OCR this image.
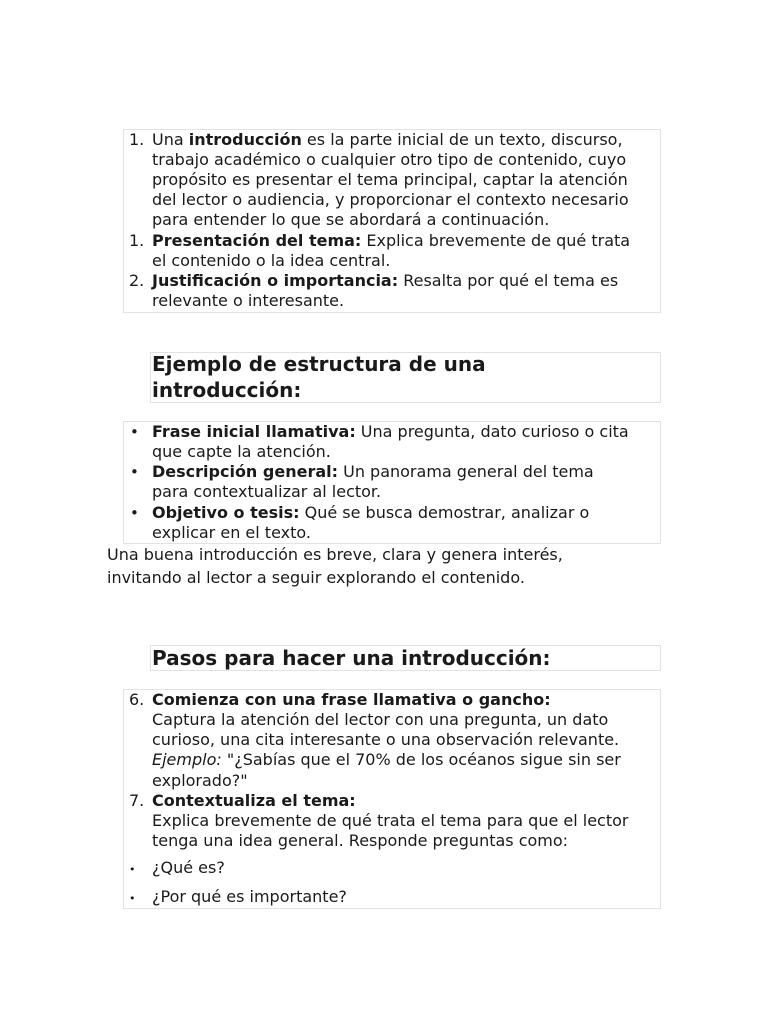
1. Una introducción es la parte inicial de un texto, discurso,
trabajo académico o cualquier otro tipo de contenido, cuyo
propósito es presentar el tema principal, captar la atención
del lector o audiencia, y proporcionar el contexto necesario
para entender lo que se abordará a continuación.
1. Presentación del tema: Explica brevemente de qué trata
el contenido o la idea central.
2. Justificación o importancia: Resalta por qué el tema es
relevante o interesante.
Ejemplo de estructura de una
introducción:
• Frase inicial llamativa: Una pregunta, dato curioso o cita
que capte la atención.
• Descripción general: Un panorama general del tema
para contextualizar al lector.
• Objetivo o tesis: Qué se busca demostrar, analizar o
explicar en el texto.
Una buena introducción es breve, clara y genera interés,
invitando al lector a seguir explorando el contenido.
Pasos para hacer una introducción:
6. Comienza con una frase llamativa o gancho:
Captura la atención del lector con una pregunta, un dato
curioso, una cita interesante o una observación relevante.
Ejemplo: "¿Sabías que el 70% de los océanos sigue sin ser
explorado?"
7. Contextualiza el tema:
Explica brevemente de qué trata el tema para que el lector
tenga una idea general. Responde preguntas como:
• ¿Qué es?
• ¿Por qué es importante?
